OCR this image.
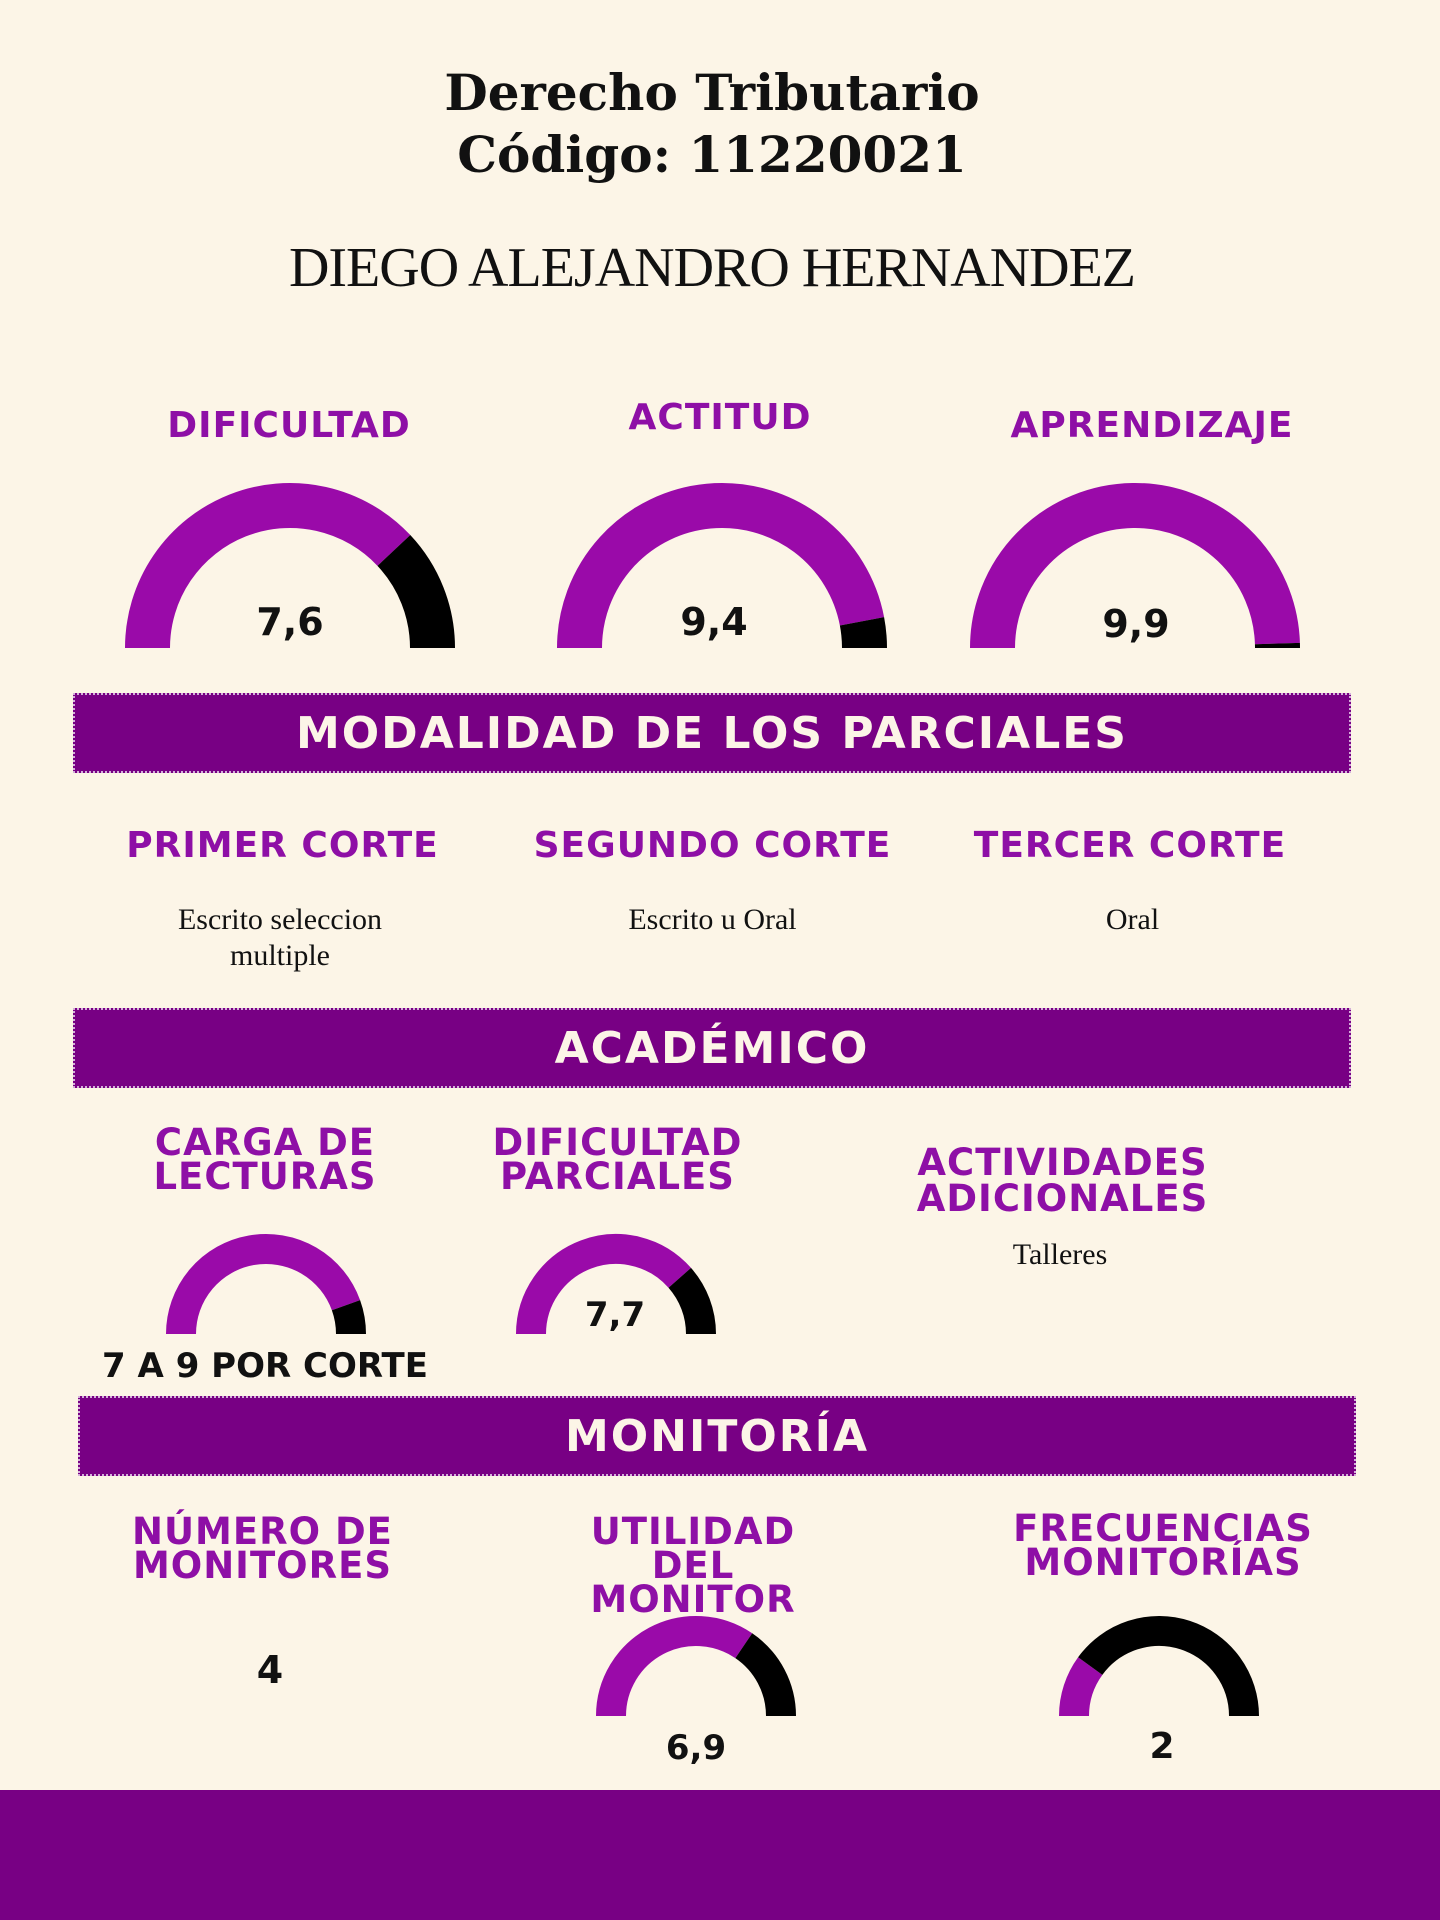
Derecho Tributario
Código: 11220021
DIEGO ALEJANDRO HERNANDEZ
DIFICULTAD	ACTITUD	APRENDIZAJE
7,6	9,4	9,9
MODALIDAD DE LOS PARCIALES
PRIMER CORTE	SEGUNDO CORTE	TERCER CORTE
Escrito seleccion
multiple
Escrito u Oral	Oral
ACADÉMICO
CARGA DE
LECTURAS
DIFICULTAD
PARCIALES	ACTIVIDADES ADICIONALES
7 A 9 POR CORTE
7,7
Talleres
MONITORÍA
NÚMERO DE
MONITORES
UTILIDAD DEL
MONITOR
FRECUENCIAS
MONITORÍAS
4
6,9	2
